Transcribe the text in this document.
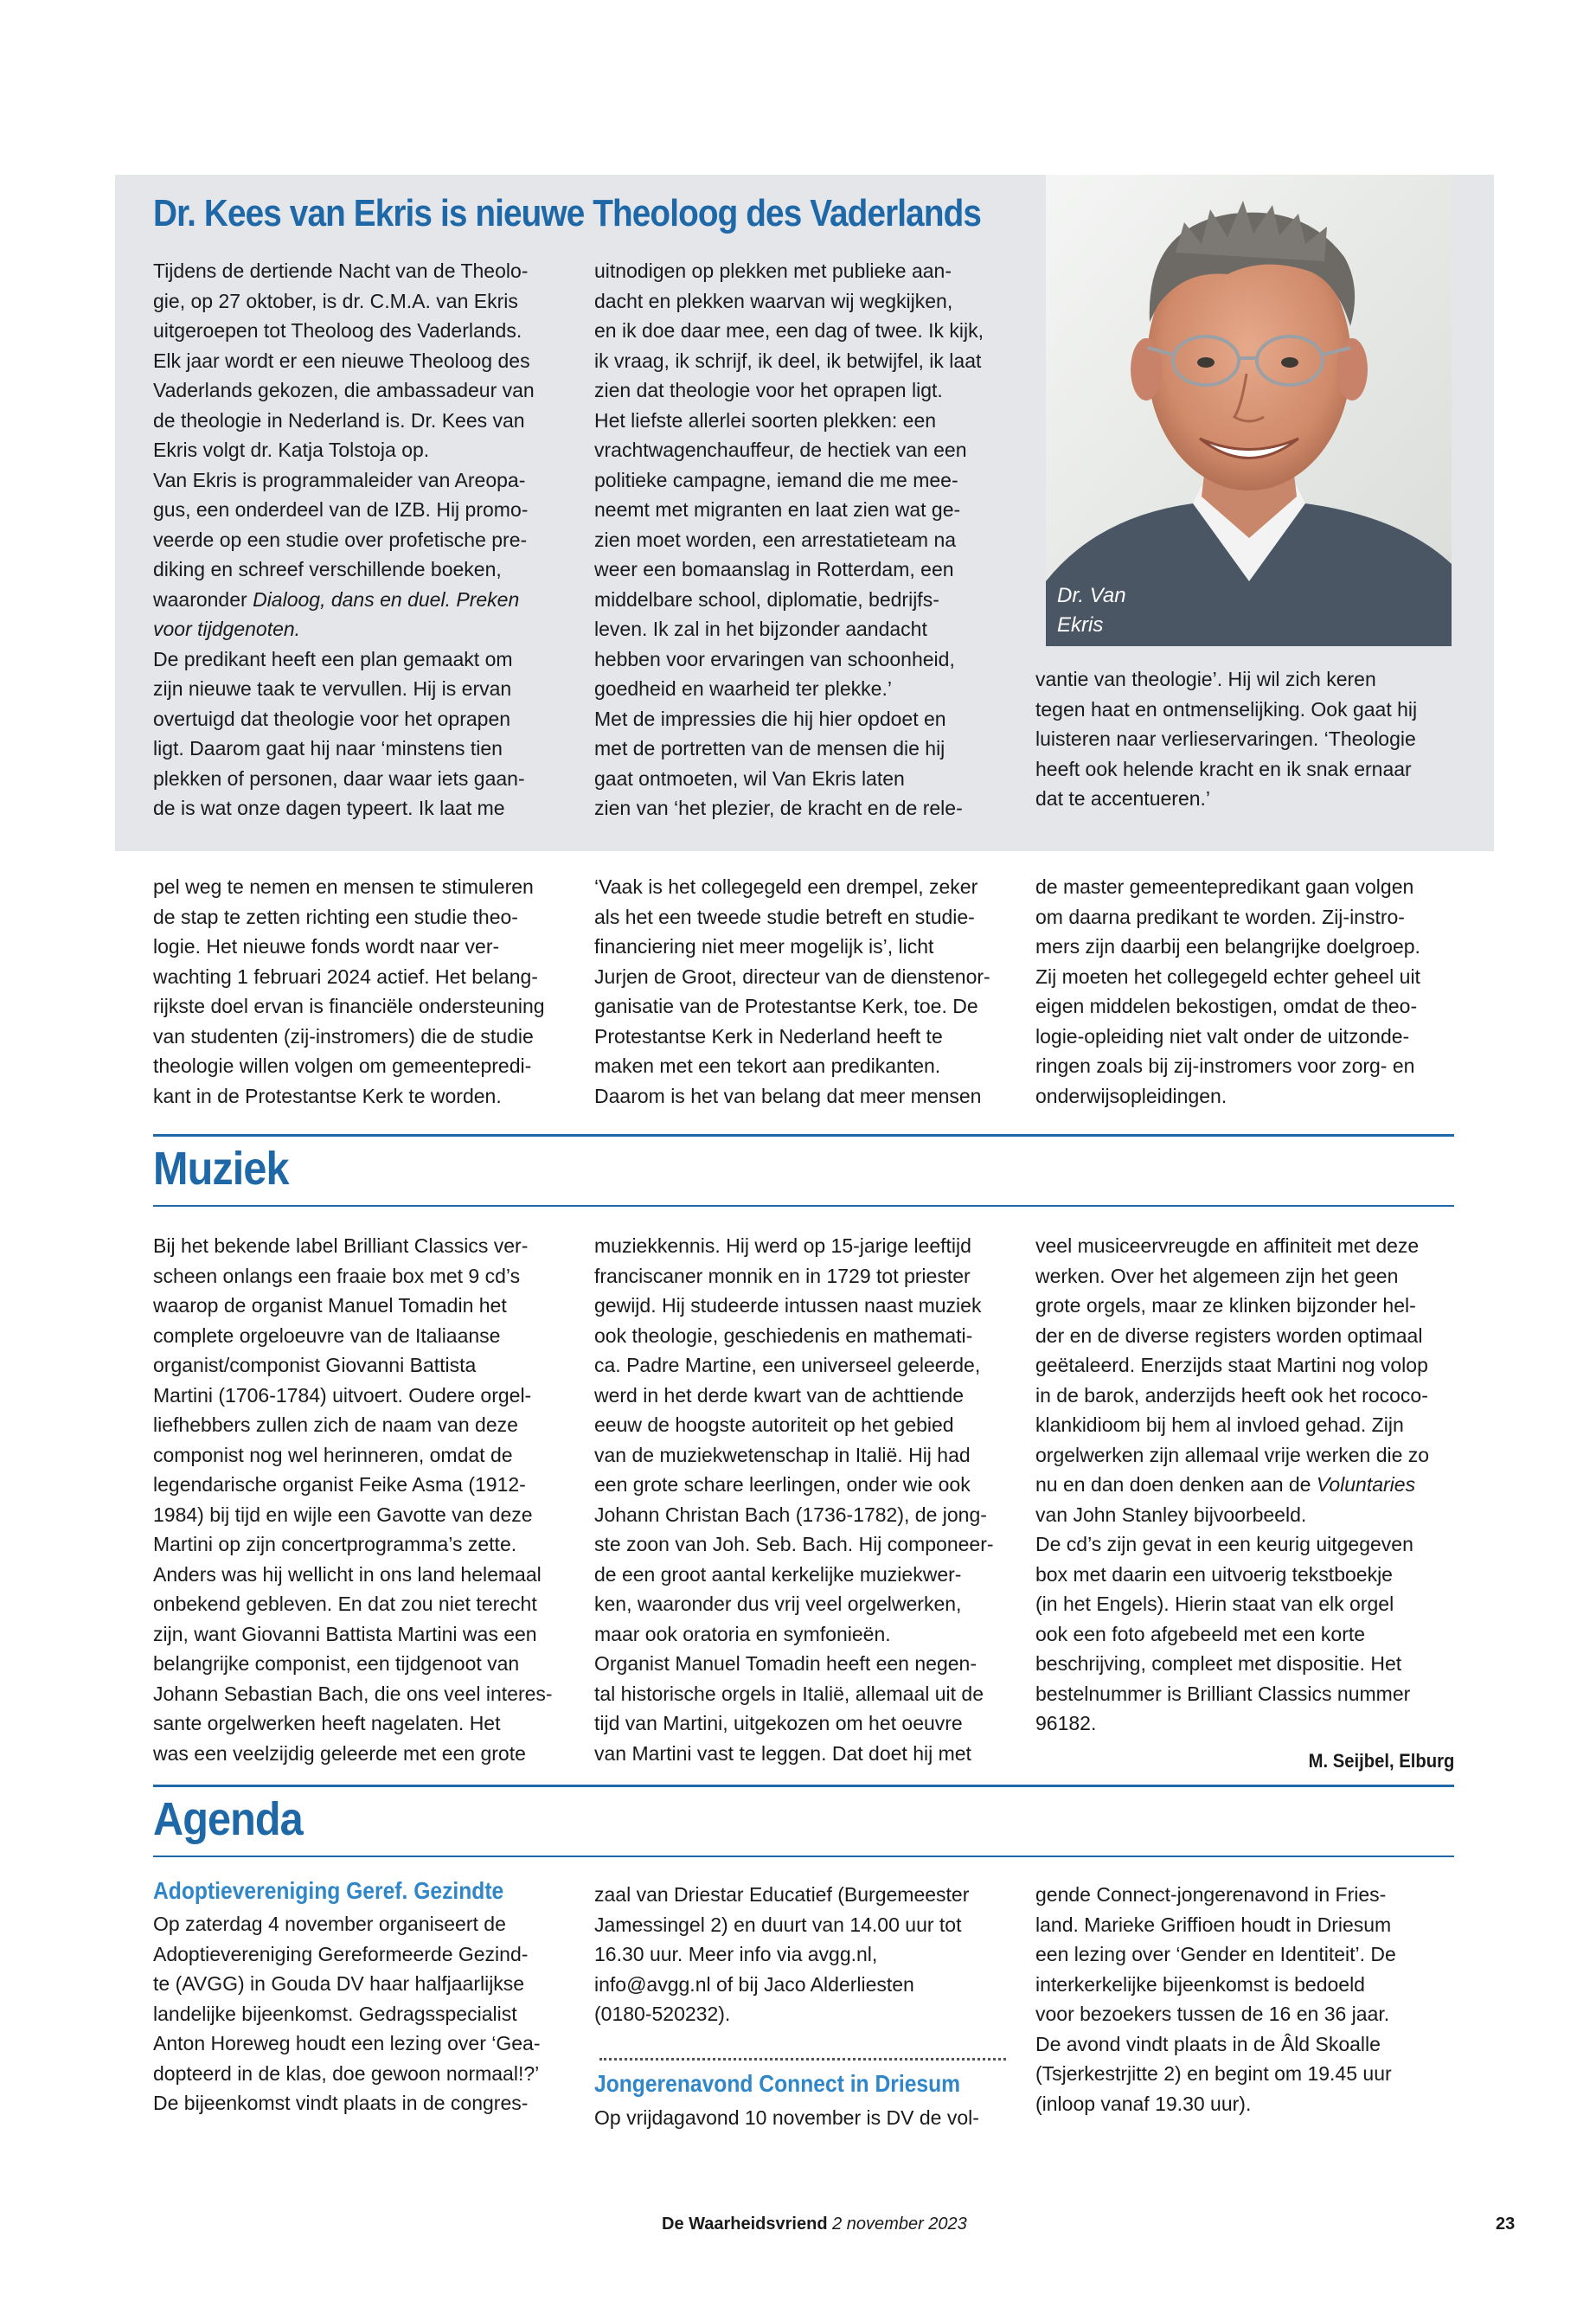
Dr. Van
Ekris
Dr. Kees van Ekris is nieuwe Theoloog des Vaderlands

Tijdens de dertiende Nacht van de Theolo-
gie, op 27 oktober, is dr. C.M.A. van Ekris
uitgeroepen tot Theoloog des Vaderlands.
Elk jaar wordt er een nieuwe Theoloog des
Vaderlands gekozen, die ambassadeur van
de theologie in Nederland is. Dr. Kees van
Ekris volgt dr. Katja Tolstoja op.
Van Ekris is programmaleider van Areopa-
gus, een onderdeel van de IZB. Hij promo-
veerde op een studie over profetische pre-
diking en schreef verschillende boeken,
waaronder Dialoog, dans en duel. Preken
voor tijdgenoten.
De predikant heeft een plan gemaakt om
zijn nieuwe taak te vervullen. Hij is ervan
overtuigd dat theologie voor het oprapen
ligt. Daarom gaat hij naar ‘minstens tien
plekken of personen, daar waar iets gaan-
de is wat onze dagen typeert. Ik laat me

uitnodigen op plekken met publieke aan-
dacht en plekken waarvan wij wegkijken,
en ik doe daar mee, een dag of twee. Ik kijk,
ik vraag, ik schrijf, ik deel, ik betwijfel, ik laat
zien dat theologie voor het oprapen ligt.
Het liefste allerlei soorten plekken: een
vrachtwagenchauffeur, de hectiek van een
politieke campagne, iemand die me mee-
neemt met migranten en laat zien wat ge-
zien moet worden, een arrestatieteam na
weer een bomaanslag in Rotterdam, een
middelbare school, diplomatie, bedrijfs-
leven. Ik zal in het bijzonder aandacht
hebben voor ervaringen van schoonheid,
goedheid en waarheid ter plekke.’
Met de impressies die hij hier opdoet en
met de portretten van de mensen die hij
gaat ontmoeten, wil Van Ekris laten
zien van ‘het plezier, de kracht en de rele-

vantie van theologie’. Hij wil zich keren
tegen haat en ontmenselijking. Ook gaat hij
luisteren naar verlieservaringen. ‘Theologie
heeft ook helende kracht en ik snak ernaar
dat te accentueren.’

pel weg te nemen en mensen te stimuleren
de stap te zetten richting een studie theo-
logie. Het nieuwe fonds wordt naar ver-
wachting 1 februari 2024 actief. Het belang-
rijkste doel ervan is financiële ondersteuning
van studenten (zij-instromers) die de studie
theologie willen volgen om gemeentepredi-
kant in de Protestantse Kerk te worden.

‘Vaak is het collegegeld een drempel, zeker
als het een tweede studie betreft en studie-
financiering niet meer mogelijk is’, licht
Jurjen de Groot, directeur van de dienstenor-
ganisatie van de Protestantse Kerk, toe. De
Protestantse Kerk in Nederland heeft te
maken met een tekort aan predikanten.
Daarom is het van belang dat meer mensen

de master gemeentepredikant gaan volgen
om daarna predikant te worden. Zij-instro-
mers zijn daarbij een belangrijke doelgroep.
Zij moeten het collegegeld echter geheel uit
eigen middelen bekostigen, omdat de theo-
logie-opleiding niet valt onder de uitzonde-
ringen zoals bij zij-instromers voor zorg- en
onderwijsopleidingen.

Muziek

Bij het bekende label Brilliant Classics ver-
scheen onlangs een fraaie box met 9 cd’s
waarop de organist Manuel Tomadin het
complete orgeloeuvre van de Italiaanse
organist/componist Giovanni Battista
Martini (1706-1784) uitvoert. Oudere orgel-
liefhebbers zullen zich de naam van deze
componist nog wel herinneren, omdat de
legendarische organist Feike Asma (1912-
1984) bij tijd en wijle een Gavotte van deze
Martini op zijn concertprogramma’s zette.
Anders was hij wellicht in ons land helemaal
onbekend gebleven. En dat zou niet terecht
zijn, want Giovanni Battista Martini was een
belangrijke componist, een tijdgenoot van
Johann Sebastian Bach, die ons veel interes-
sante orgelwerken heeft nagelaten. Het
was een veelzijdig geleerde met een grote

muziekkennis. Hij werd op 15-jarige leeftijd
franciscaner monnik en in 1729 tot priester
gewijd. Hij studeerde intussen naast muziek
ook theologie, geschiedenis en mathemati-
ca. Padre Martine, een universeel geleerde,
werd in het derde kwart van de achttiende
eeuw de hoogste autoriteit op het gebied
van de muziekwetenschap in Italië. Hij had
een grote schare leerlingen, onder wie ook
Johann Christan Bach (1736-1782), de jong-
ste zoon van Joh. Seb. Bach. Hij componeer-
de een groot aantal kerkelijke muziekwer-
ken, waaronder dus vrij veel orgelwerken,
maar ook oratoria en symfonieën.
Organist Manuel Tomadin heeft een negen-
tal historische orgels in Italië, allemaal uit de
tijd van Martini, uitgekozen om het oeuvre
van Martini vast te leggen. Dat doet hij met

veel musiceervreugde en affiniteit met deze
werken. Over het algemeen zijn het geen
grote orgels, maar ze klinken bijzonder hel-
der en de diverse registers worden optimaal
geëtaleerd. Enerzijds staat Martini nog volop
in de barok, anderzijds heeft ook het rococo-
klankidioom bij hem al invloed gehad. Zijn
orgelwerken zijn allemaal vrije werken die zo
nu en dan doen denken aan de Voluntaries
van John Stanley bijvoorbeeld.
De cd’s zijn gevat in een keurig uitgegeven
box met daarin een uitvoerig tekstboekje
(in het Engels). Hierin staat van elk orgel
ook een foto afgebeeld met een korte
beschrijving, compleet met dispositie. Het
bestelnummer is Brilliant Classics nummer
96182.

M. Seijbel, Elburg
Agenda
Adoptievereniging Geref. Gezindte

Op zaterdag 4 november organiseert de
Adoptievereniging Gereformeerde Gezind-
te (AVGG) in Gouda DV haar halfjaarlijkse
landelijke bijeenkomst. Gedragsspecialist
Anton Horeweg houdt een lezing over ‘Gea-
dopteerd in de klas, doe gewoon normaal!?’
De bijeenkomst vindt plaats in de congres-

zaal van Driestar Educatief (Burgemeester
Jamessingel 2) en duurt van 14.00 uur tot
16.30 uur. Meer info via avgg.nl,
info@avgg.nl of bij Jaco Alderliesten
(0180-520232).

Jongerenavond Connect in Driesum

Op vrijdagavond 10 november is DV de vol-

gende Connect-jongerenavond in Fries-
land. Marieke Griffioen houdt in Driesum
een lezing over ‘Gender en Identiteit’. De
interkerkelijke bijeenkomst is bedoeld
voor bezoekers tussen de 16 en 36 jaar.
De avond vindt plaats in de Âld Skoalle
(Tsjerkestrjitte 2) en begint om 19.45 uur
(inloop vanaf 19.30 uur).

De Waarheidsvriend 2 november 2023	23
